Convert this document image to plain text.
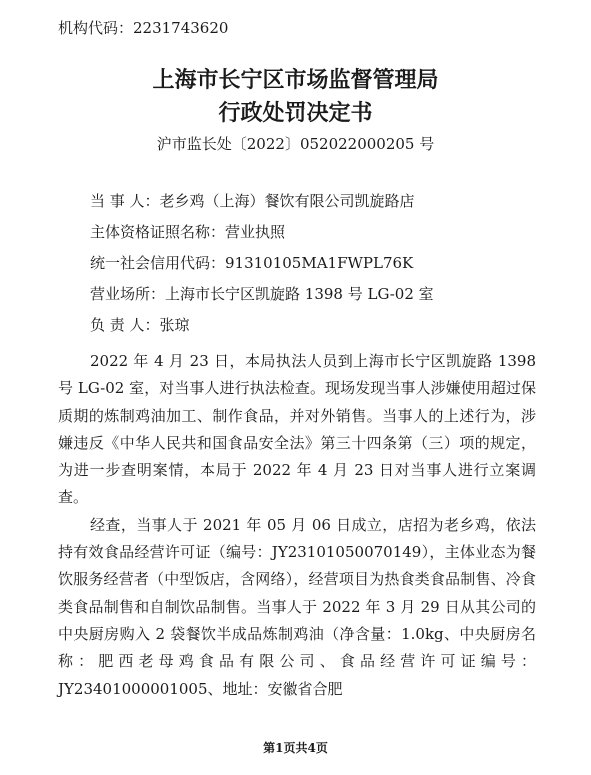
机构代码：2231743620
上海市长宁区市场监督管理局
行政处罚决定书
沪市监长处〔2022〕052022000205 号
当 事 人：老乡鸡（上海）餐饮有限公司凯旋路店
主体资格证照名称：营业执照
统一社会信用代码：91310105MA1FWPL76K
营业场所：上海市长宁区凯旋路 1398 号 LG-02 室
负 责 人：张琼

2022 年 4 月 23 日，本局执法人员到上海市长宁区凯旋路 1398 号 LG-02 室，对当事人进行执法检查。现场发现当事人涉嫌使用超过保质期的炼制鸡油加工、制作食品，并对外销售。当事人的上述行为，涉嫌违反《中华人民共和国食品安全法》第三十四条第（三）项的规定，为进一步查明案情，本局于 2022 年 4 月 23 日对当事人进行立案调查。

经查，当事人于 2021 年 05 月 06 日成立，店招为老乡鸡，依法持有效食品经营许可证（编号：JY23101050070149），主体业态为餐饮服务经营者（中型饭店，含网络），经营项目为热食类食品制售、冷食类食品制售和自制饮品制售。当事人于 2022 年 3 月 29 日从其公司的中央厨房购入 2 袋餐饮半成品炼制鸡油（净含量：1.0kg、中央厨房名称：肥西老母鸡食品有限公司、食品经营许可证编号：JY23401000001005、地址：安徽省合肥

第1页共4页
